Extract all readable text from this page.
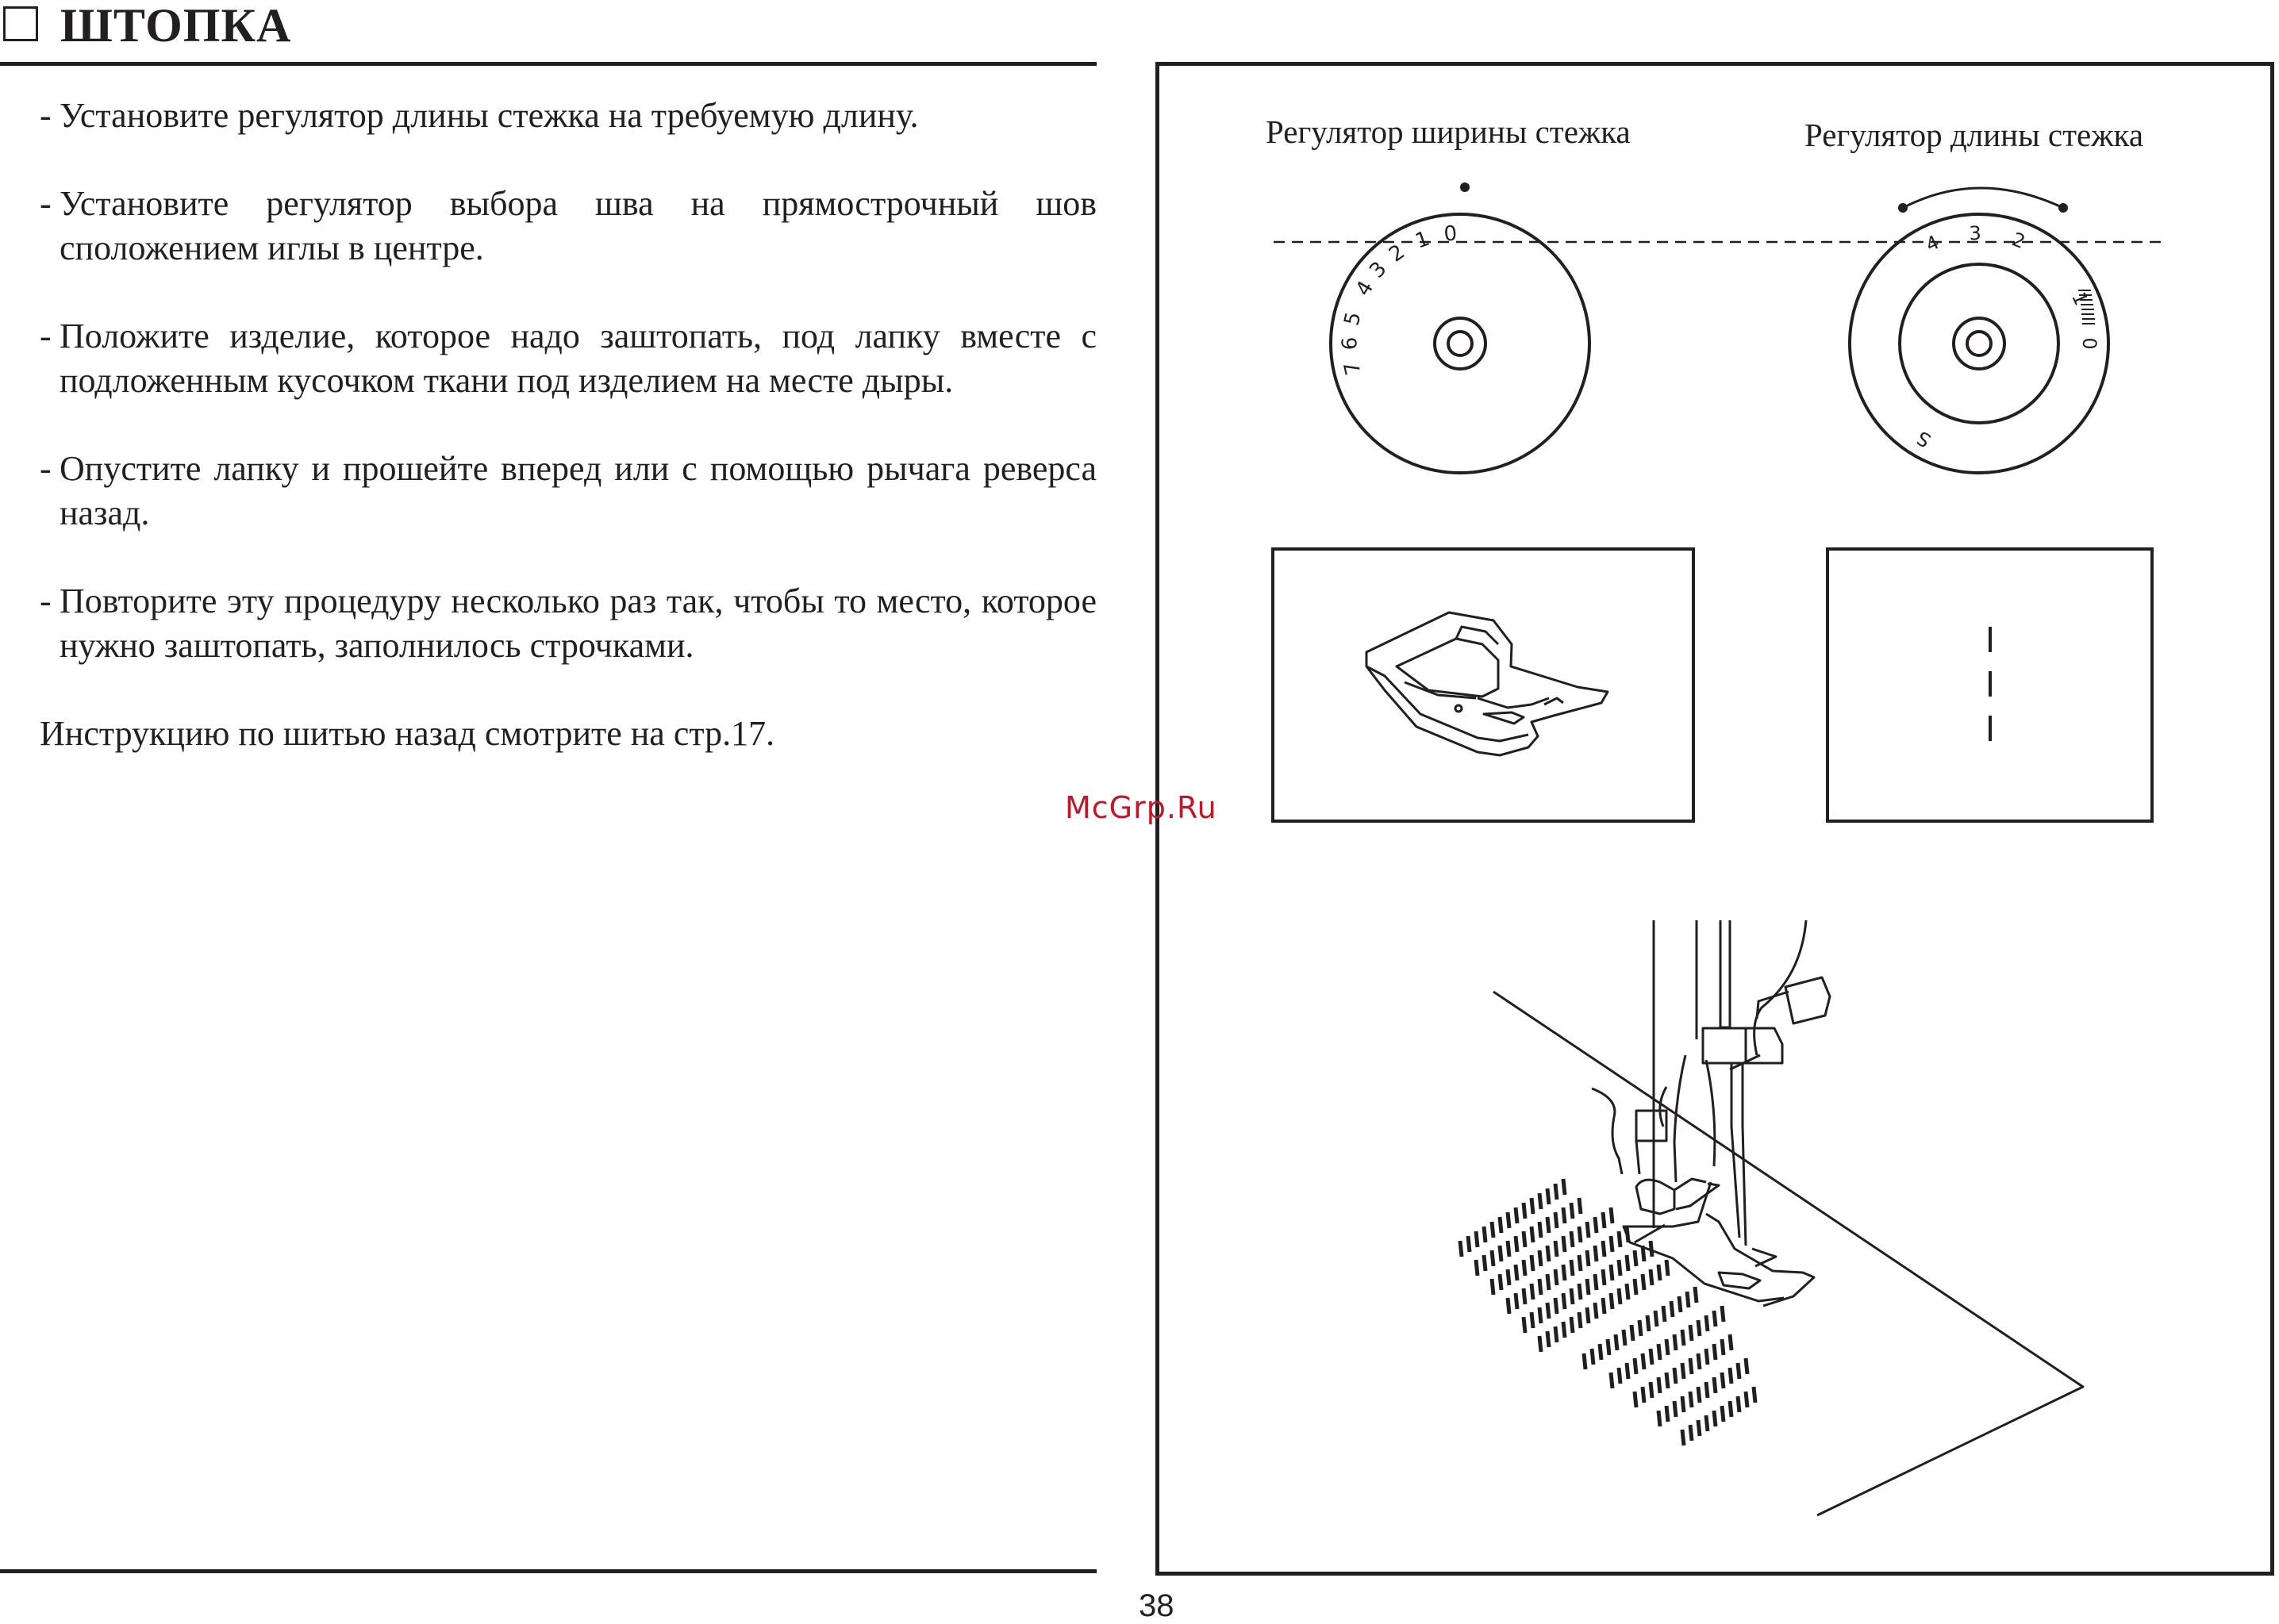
ШТОПКА
- Установите регулятор длины стежка на требуемую длину.
- Установите регулятор выбора шва на прямострочный шов сположением иглы в центре.
- Положите изделие, которое надо заштопать, под лапку вместе с подложенным кусочком ткани под изделием на месте дыры.
- Опустите лапку и прошейте вперед или с помощью рычага реверса назад.
- Повторите эту процедуру несколько раз так, чтобы то место, которое нужно заштопать, заполнилось строчками.
Инструкцию по шитью назад смотрите на стр.17.
Регулятор ширины стежка	Регулятор длины стежка
7
6
5
4
3
2 1 0	4 3 2
1
0
S
McGrp.Ru
38
